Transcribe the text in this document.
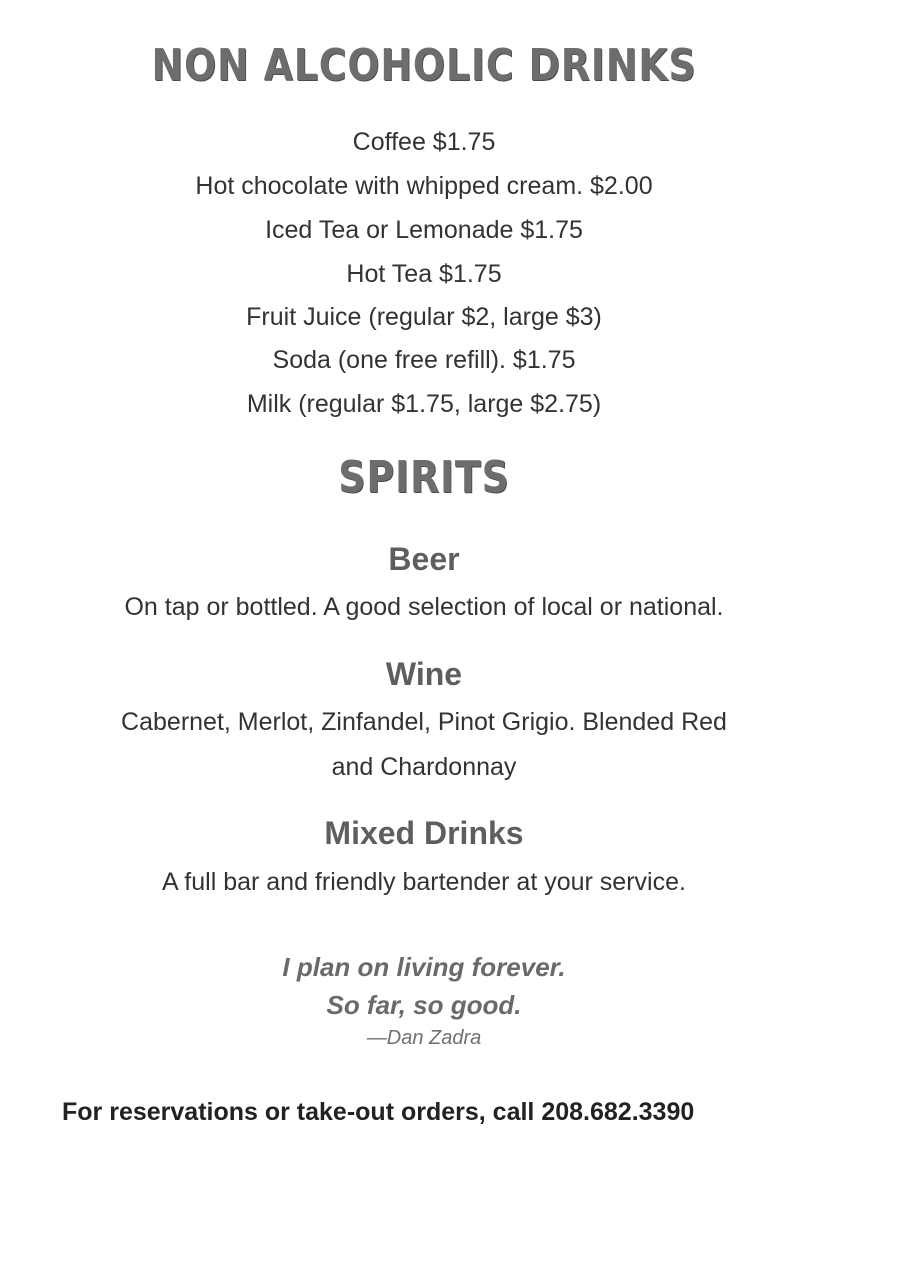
NON ALCOHOLIC DRINKS
Coffee $1.75
Hot chocolate with whipped cream. $2.00
Iced Tea or Lemonade $1.75
Hot Tea $1.75
Fruit Juice (regular $2, large $3)
Soda (one free refill). $1.75
Milk (regular $1.75, large $2.75)
SPIRITS
Beer
On tap or bottled. A good selection of local or national.
Wine
Cabernet, Merlot, Zinfandel, Pinot Grigio. Blended Red
and Chardonnay
Mixed Drinks
A full bar and friendly bartender at your service.
I plan on living forever.
So far, so good.
—Dan Zadra
For reservations or take-out orders, call 208.682.3390
